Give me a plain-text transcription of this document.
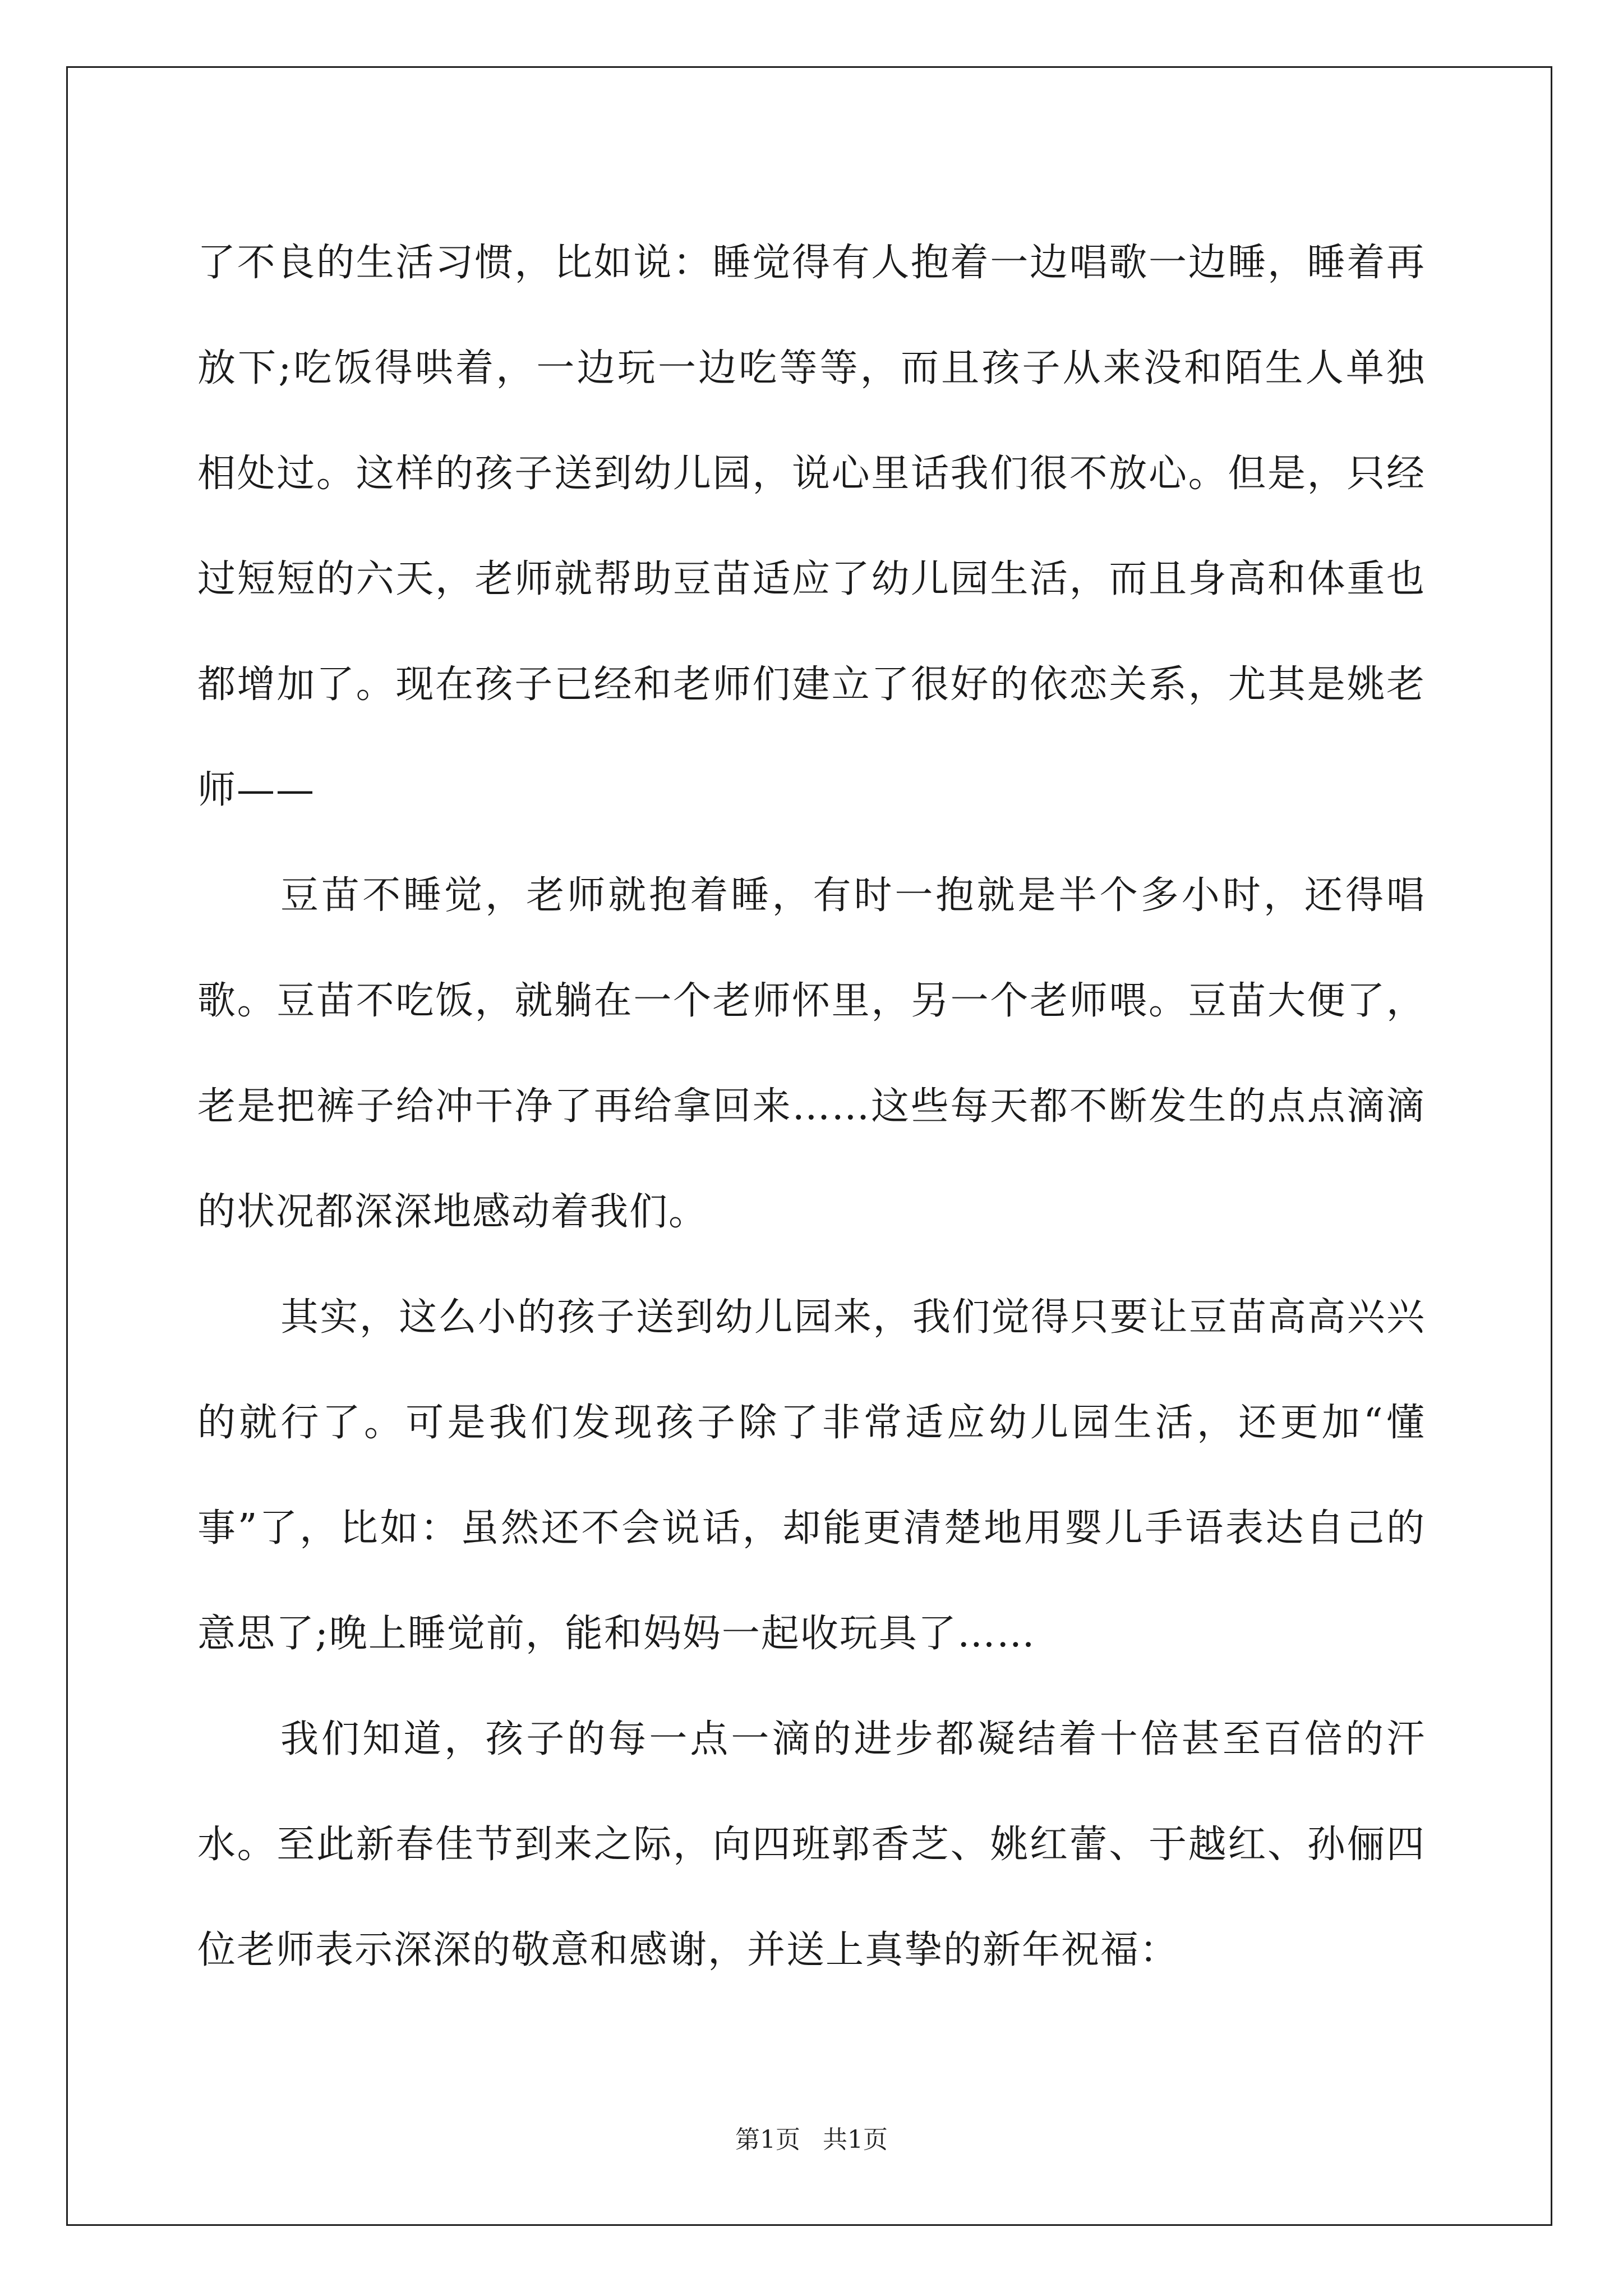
了不良的生活习惯，比如说：睡觉得有人抱着一边唱歌一边睡，睡着再放下;吃饭得哄着，一边玩一边吃等等，而且孩子从来没和陌生人单独相处过。这样的孩子送到幼儿园，说心里话我们很不放心。但是，只经过短短的六天，老师就帮助豆苗适应了幼儿园生活，而且身高和体重也都增加了。现在孩子已经和老师们建立了很好的依恋关系，尤其是姚老师——

豆苗不睡觉，老师就抱着睡，有时一抱就是半个多小时，还得唱歌。豆苗不吃饭，就躺在一个老师怀里，另一个老师喂。豆苗大便了，老是把裤子给冲干净了再给拿回来……这些每天都不断发生的点点滴滴的状况都深深地感动着我们。

其实，这么小的孩子送到幼儿园来，我们觉得只要让豆苗高高兴兴的就行了。可是我们发现孩子除了非常适应幼儿园生活，还更加“懂事”了，比如：虽然还不会说话，却能更清楚地用婴儿手语表达自己的意思了;晚上睡觉前，能和妈妈一起收玩具了……

我们知道，孩子的每一点一滴的进步都凝结着十倍甚至百倍的汗水。至此新春佳节到来之际，向四班郭香芝、姚红蕾、于越红、孙俪四位老师表示深深的敬意和感谢，并送上真挚的新年祝福：

第1页 共1页
